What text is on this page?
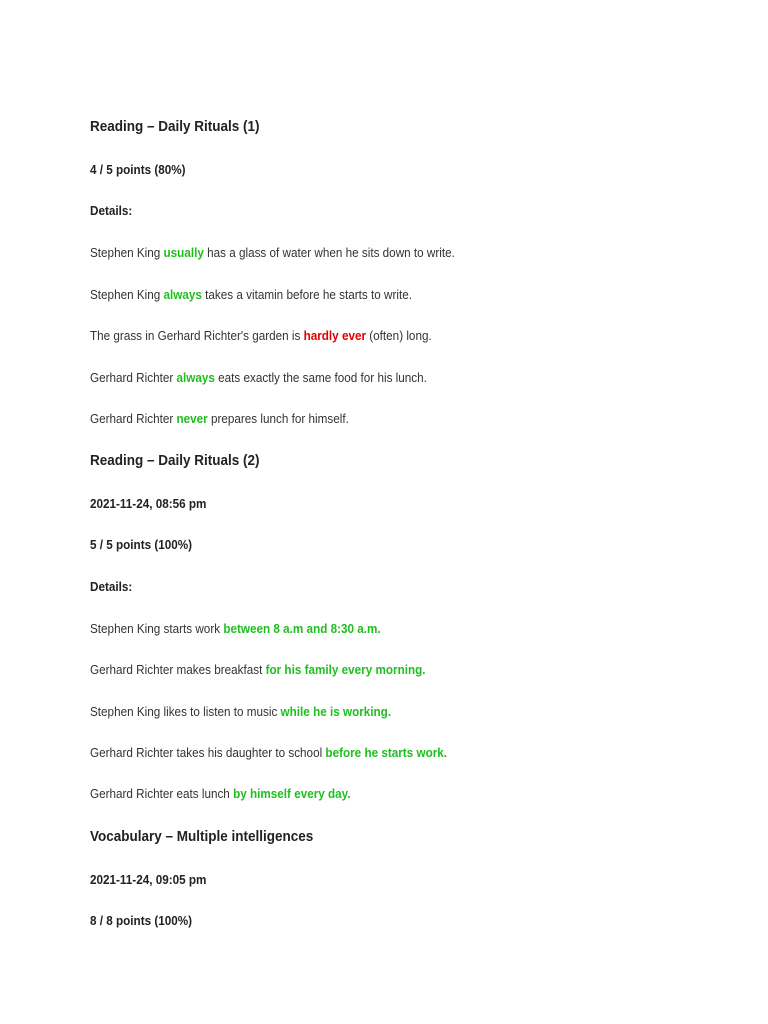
Reading – Daily Rituals (1)
4 / 5 points (80%)
Details:
Stephen King usually has a glass of water when he sits down to write.
Stephen King always takes a vitamin before he starts to write.
The grass in Gerhard Richter's garden is hardly ever (often) long.
Gerhard Richter always eats exactly the same food for his lunch.
Gerhard Richter never prepares lunch for himself.
Reading – Daily Rituals (2)
2021-11-24, 08:56 pm
5 / 5 points (100%)
Details:
Stephen King starts work between 8 a.m and 8:30 a.m.
Gerhard Richter makes breakfast for his family every morning.
Stephen King likes to listen to music while he is working.
Gerhard Richter takes his daughter to school before he starts work.
Gerhard Richter eats lunch by himself every day.
Vocabulary – Multiple intelligences
2021-11-24, 09:05 pm
8 / 8 points (100%)
